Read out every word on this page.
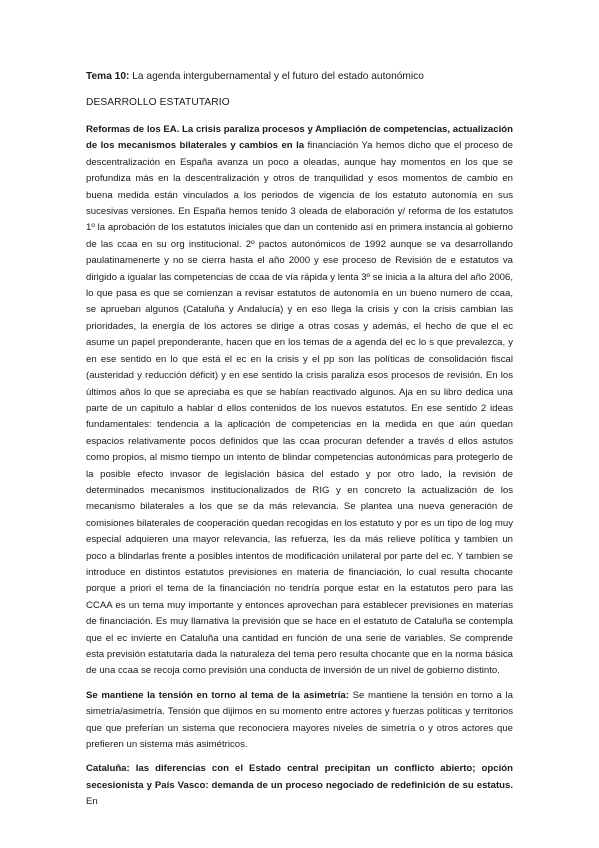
Tema 10: La agenda intergubernamental y el futuro del estado autonómico

DESARROLLO ESTATUTARIO

Reformas de los EA. La crisis paraliza procesos y Ampliación de competencias, actualización de los mecanismos bilaterales y cambios en la financiación Ya hemos dicho que el proceso de descentralización en España avanza un poco a oleadas, aunque hay momentos en los que se profundiza más en la descentralización y otros de tranquilidad y esos momentos de cambio en buena medida están vinculados a los periodos de vigencia de los estatuto autonomía en sus sucesivas versiones. En España hemos tenido 3 oleada de elaboración y/ reforma de los estatutos 1º la aprobación de los estatutos iniciales que dan un contenido así en primera instancia al gobierno de las ccaa en su org institucional. 2º pactos autonómicos de 1992 aunque se va desarrollando paulatinamenerte y no se cierra hasta el año 2000 y ese proceso de Revisión de e estatutos va dirigido a igualar las competencias de ccaa de vía rápida y lenta 3º se inicia a la altura del año 2006, lo que pasa es que se comienzan a revisar estatutos de autonomía en un bueno numero de ccaa, se aprueban algunos (Cataluña y Andalucía) y en eso llega la crisis y con la crisis cambian las prioridades, la energía de los actores se dirige a otras cosas y además, el hecho de que el ec asume un papel preponderante, hacen que en los temas de a agenda del ec lo s que prevalezca, y en ese sentido en lo que está el ec en la crisis y el pp son las políticas de consolidación fiscal (austeridad y reducción déficit) y en ese sentido la crisis paraliza esos procesos de revisión. En los últimos años lo que se apreciaba es que se habían reactivado algunos. Aja en su libro dedica una parte de un capitulo a hablar d ellos contenidos de los nuevos estatutos. En ese sentido 2 ideas fundamentales: tendencia a la aplicación de competencias en la medida en que aún quedan espacios relativamente pocos definidos que las ccaa procuran defender a través d ellos astutos como propios, al mismo tiempo un intento de blindar competencias autonómicas para protegerlo de la posible efecto invasor de legislación básica del estado y por otro lado, la revisión de determinados mecanismos institucionalizados de RIG y en concreto la actualización de los mecanismo bilaterales a los que se da más relevancia. Se plantea una nueva generación de comisiones bilaterales de cooperación quedan recogidas en los estatuto y por es un tipo de log muy especial adquieren una mayor relevancia, las refuerza, les da más relieve política y tambien un poco a blindarlas frente a posibles intentos de modificación unilateral por parte del ec. Y tambien se introduce en distintos estatutos previsiones en materia de financiación, lo cual resulta chocante porque a priori el tema de la financiación no tendría porque estar en la estatutos pero para las CCAA es un tema muy importante y entonces aprovechan para establecer previsiones en materias de financiación. Es muy llamativa la previsión que se hace en el estatuto de Cataluña se contempla que el ec invierte en Cataluña una cantidad en función de una serie de variables. Se comprende esta previsión estatutaria dada la naturaleza del tema pero resulta chocante que en la norma básica de una ccaa se recoja como previsión una conducta de inversión de un nivel de gobierno distinto.

Se mantiene la tensión en torno al tema de la asimetría: Se mantiene la tensión en torno a la simetría/asimetría. Tensión que dijimos en su momento entre actores y fuerzas políticas y territorios que que preferían un sistema que reconociera mayores niveles de simetría o y otros actores que prefieren un sistema más asimétricos.

Cataluña: las diferencias con el Estado central precipitan un conflicto abierto; opción secesionista y País Vasco: demanda de un proceso negociado de redefinición de su estatus. En
